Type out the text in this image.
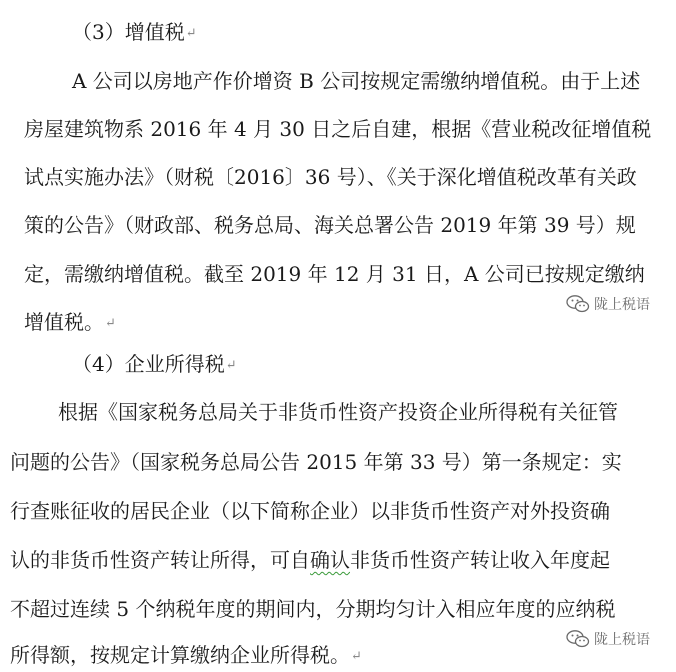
（3）增值税↵
A 公司以房地产作价增资 B 公司按规定需缴纳增值税。由于上述
房屋建筑物系 2016 年 4 月 30 日之后自建，根据《营业税改征增值税
试点实施办法》（财税〔2016〕36 号）、《关于深化增值税改革有关政
策的公告》（财政部、税务总局、海关总署公告 2019 年第 39 号）规
定，需缴纳增值税。截至 2019 年 12 月 31 日，A 公司已按规定缴纳
增值税。↵
陇上税语
（4）企业所得税↵
根据《国家税务总局关于非货币性资产投资企业所得税有关征管
问题的公告》（国家税务总局公告 2015 年第 33 号）第一条规定：实
行查账征收的居民企业（以下简称企业）以非货币性资产对外投资确
认的非货币性资产转让所得，可自确认非货币性资产转让收入年度起
不超过连续 5 个纳税年度的期间内，分期均匀计入相应年度的应纳税
所得额，按规定计算缴纳企业所得税。↵
陇上税语
